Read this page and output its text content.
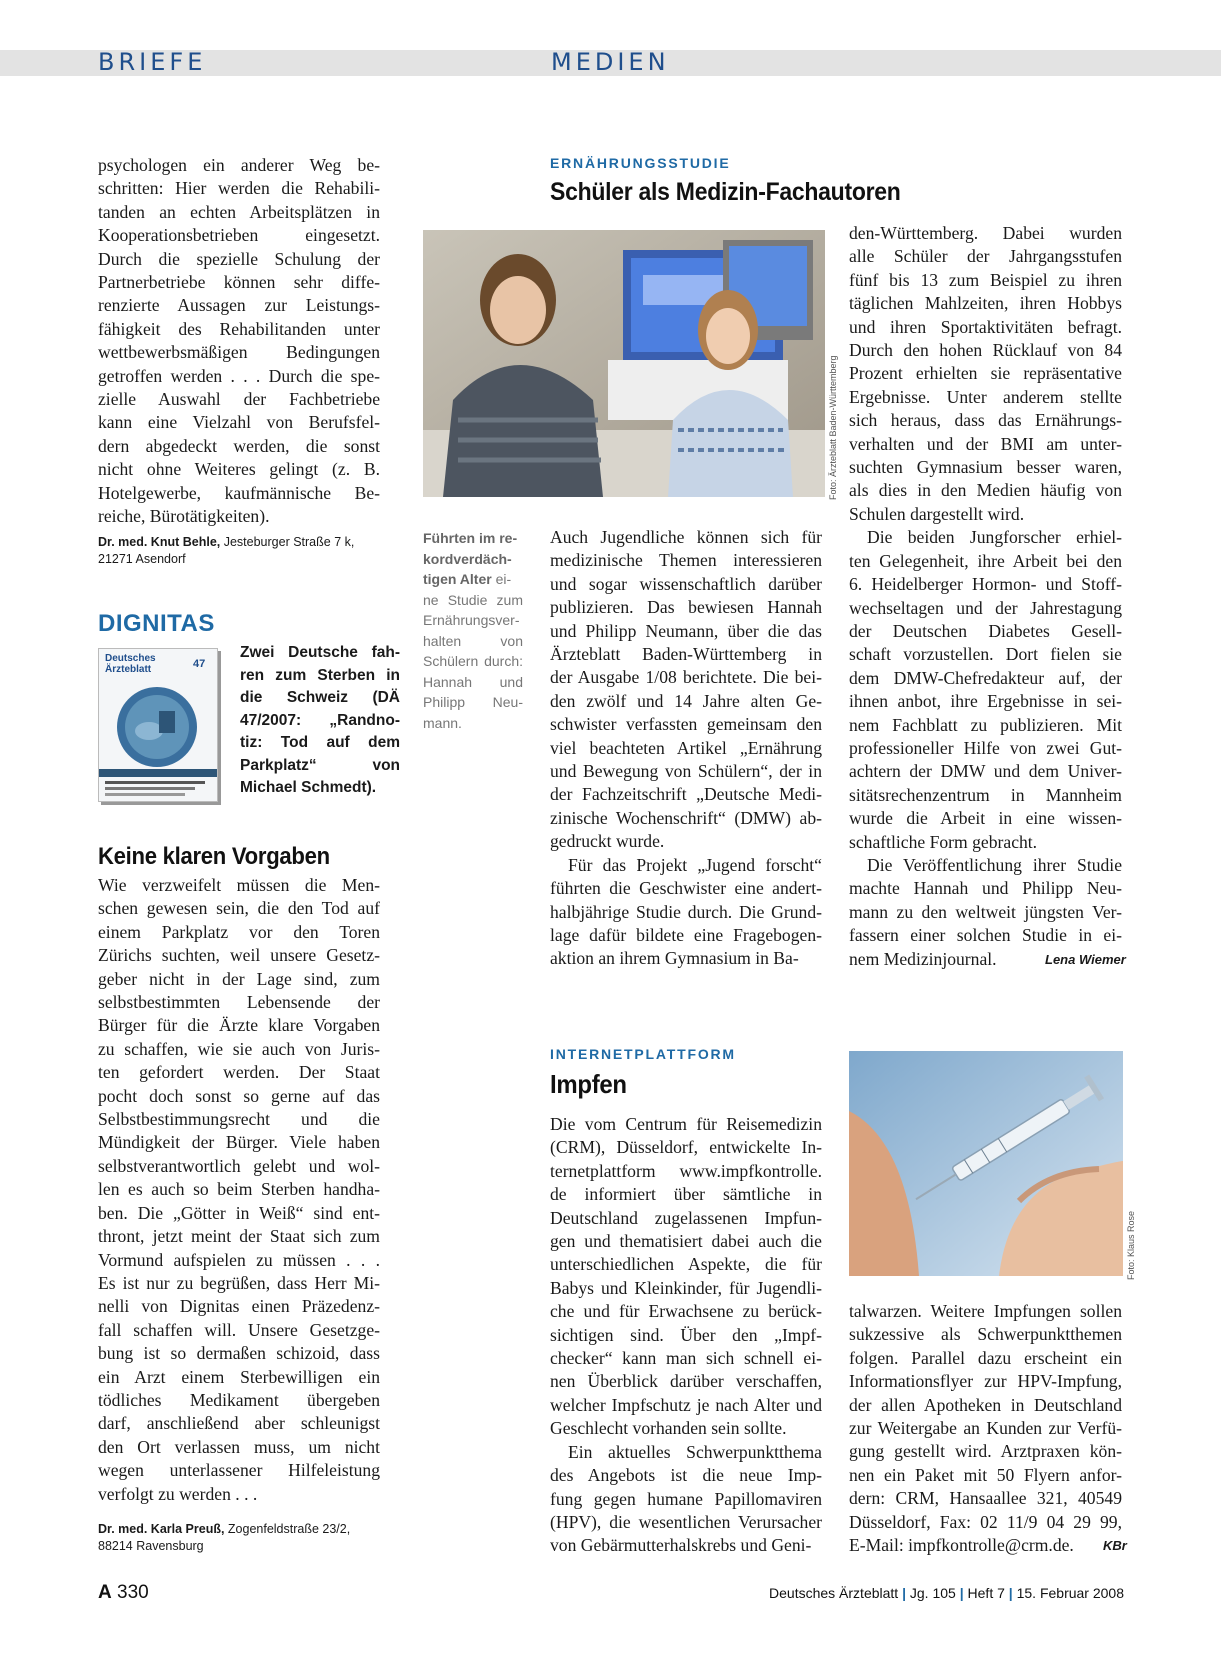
BRIEFE	MEDIEN
psychologen ein anderer Weg be-
schritten: Hier werden die Rehabili-
tanden an echten Arbeitsplätzen in
Kooperationsbetrieben eingesetzt.
Durch die spezielle Schulung der
Partnerbetriebe können sehr diffe-
renzierte Aussagen zur Leistungs-
fähigkeit des Rehabilitanden unter
wettbewerbsmäßigen Bedingungen
getroffen werden . . . Durch die spe-
zielle Auswahl der Fachbetriebe
kann eine Vielzahl von Berufsfel-
dern abgedeckt werden, die sonst
nicht ohne Weiteres gelingt (z. B.
Hotelgewerbe, kaufmännische Be-
reiche, Bürotätigkeiten).
Dr. med. Knut Behle, Jesteburger Straße 7 k,
21271 Asendorf
DIGNITAS
Deutsches
Ärzteblatt	47
Zwei Deutsche fah-
ren zum Sterben in
die Schweiz (DÄ
47/2007: „Randno-
tiz: Tod auf dem
Parkplatz“ von
Michael Schmedt).
Keine klaren Vorgaben
Wie verzweifelt müssen die Men-
schen gewesen sein, die den Tod auf
einem Parkplatz vor den Toren
Zürichs suchten, weil unsere Gesetz-
geber nicht in der Lage sind, zum
selbstbestimmten Lebensende der
Bürger für die Ärzte klare Vorgaben
zu schaffen, wie sie auch von Juris-
ten gefordert werden. Der Staat
pocht doch sonst so gerne auf das
Selbstbestimmungsrecht und die
Mündigkeit der Bürger. Viele haben
selbstverantwortlich gelebt und wol-
len es auch so beim Sterben handha-
ben. Die „Götter in Weiß“ sind ent-
thront, jetzt meint der Staat sich zum
Vormund aufspielen zu müssen . . .
Es ist nur zu begrüßen, dass Herr Mi-
nelli von Dignitas einen Präzedenz-
fall schaffen will. Unsere Gesetzge-
bung ist so dermaßen schizoid, dass
ein Arzt einem Sterbewilligen ein
tödliches Medikament übergeben
darf, anschließend aber schleunigst
den Ort verlassen muss, um nicht
wegen unterlassener Hilfeleistung
verfolgt zu werden . . .
Dr. med. Karla Preuß, Zogenfeldstraße 23/2,
88214 Ravensburg
ERNÄHRUNGSSTUDIE
Schüler als Medizin-Fachautoren
Foto: Ärzteblatt Baden-Württemberg
Führten im re-
kordverdäch-
tigen Alter ei-
ne Studie zum
Ernährungsver-
halten von
Schülern durch:
Hannah und
Philipp Neu-
mann.
Auch Jugendliche können sich für
medizinische Themen interessieren
und sogar wissenschaftlich darüber
publizieren. Das bewiesen Hannah
und Philipp Neumann, über die das
Ärzteblatt Baden-Württemberg in
der Ausgabe 1/08 berichtete. Die bei-
den zwölf und 14 Jahre alten Ge-
schwister verfassten gemeinsam den
viel beachteten Artikel „Ernährung
und Bewegung von Schülern“, der in
der Fachzeitschrift „Deutsche Medi-
zinische Wochenschrift“ (DMW) ab-
gedruckt wurde.
Für das Projekt „Jugend forscht“
führten die Geschwister eine andert-
halbjährige Studie durch. Die Grund-
lage dafür bildete eine Fragebogen-
aktion an ihrem Gymnasium in Ba-
den-Württemberg. Dabei wurden
alle Schüler der Jahrgangsstufen
fünf bis 13 zum Beispiel zu ihren
täglichen Mahlzeiten, ihren Hobbys
und ihren Sportaktivitäten befragt.
Durch den hohen Rücklauf von 84
Prozent erhielten sie repräsentative
Ergebnisse. Unter anderem stellte
sich heraus, dass das Ernährungs-
verhalten und der BMI am unter-
suchten Gymnasium besser waren,
als dies in den Medien häufig von
Schulen dargestellt wird.
Die beiden Jungforscher erhiel-
ten Gelegenheit, ihre Arbeit bei den
6. Heidelberger Hormon- und Stoff-
wechseltagen und der Jahrestagung
der Deutschen Diabetes Gesell-
schaft vorzustellen. Dort fielen sie
dem DMW-Chefredakteur auf, der
ihnen anbot, ihre Ergebnisse in sei-
nem Fachblatt zu publizieren. Mit
professioneller Hilfe von zwei Gut-
achtern der DMW und dem Univer-
sitätsrechenzentrum in Mannheim
wurde die Arbeit in eine wissen-
schaftliche Form gebracht.
Die Veröffentlichung ihrer Studie
machte Hannah und Philipp Neu-
mann zu den weltweit jüngsten Ver-
fassern einer solchen Studie in ei-
nem Medizinjournal.	Lena Wiemer
INTERNETPLATTFORM
Impfen
Die vom Centrum für Reisemedizin
(CRM), Düsseldorf, entwickelte In-
ternetplattform www.impfkontrolle.
de informiert über sämtliche in
Deutschland zugelassenen Impfun-
gen und thematisiert dabei auch die
unterschiedlichen Aspekte, die für
Babys und Kleinkinder, für Jugendli-
che und für Erwachsene zu berück-
sichtigen sind. Über den „Impf-
checker“ kann man sich schnell ei-
nen Überblick darüber verschaffen,
welcher Impfschutz je nach Alter und
Geschlecht vorhanden sein sollte.
Ein aktuelles Schwerpunktthema
des Angebots ist die neue Imp-
fung gegen humane Papillomaviren
(HPV), die wesentlichen Verursacher
von Gebärmutterhalskrebs und Geni-
Foto: Klaus Rose
talwarzen. Weitere Impfungen sollen
sukzessive als Schwerpunktthemen
folgen. Parallel dazu erscheint ein
Informationsflyer zur HPV-Impfung,
der allen Apotheken in Deutschland
zur Weitergabe an Kunden zur Verfü-
gung gestellt wird. Arztpraxen kön-
nen ein Paket mit 50 Flyern anfor-
dern: CRM, Hansaallee 321, 40549
Düsseldorf, Fax: 02 11/9 04 29 99,
E-Mail: impfkontrolle@crm.de.	KBr
A 330	Deutsches Ärzteblatt | Jg. 105 | Heft 7 | 15. Februar 2008
